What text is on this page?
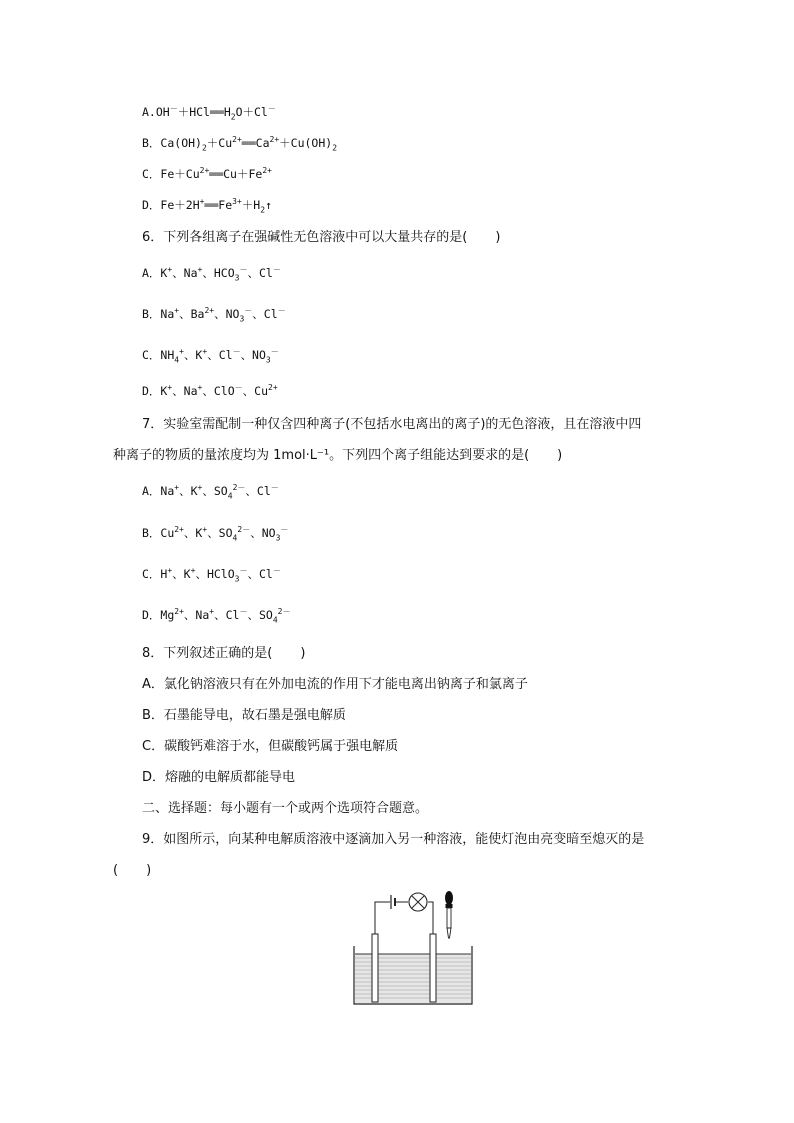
$A.OH^-+HCl══H_2O+Cl^-$
B．$Ca(OH)_2+Cu^{2+}══Ca^{2+}+Cu(OH)_2$
C．$Fe+Cu^{2+}══Cu+Fe^{2+}$
D．$Fe+2H^+══Fe^{3+}+H_2↑$
6．下列各组离子在强碱性无色溶液中可以大量共存的是( )
A．K+、Na+、$HCO_3^-$、Cl－
B．Na+、$Ba^{2+}$、$NO_3^-$、Cl－
C．$NH_4^+$、K+、Cl－、$NO_3^-$
D．K+、Na+、ClO－、$Cu^{2+}$
7．实验室需配制一种仅含四种离子(不包括水电离出的离子)的无色溶液，且在溶液中四
种离子的物质的量浓度均为 1mol·L⁻¹。下列四个离子组能达到要求的是( )
A．Na+、K+、$SO_4^{2-}$、Cl－
B．$Cu^{2+}$、K+、$SO_4^{2-}$、$NO_3^-$
C．H+、K+、HClO$_3$－、Cl－
D．$Mg^{2+}$、Na+、Cl－、$SO_4^{2-}$
8．下列叙述正确的是( )
A．氯化钠溶液只有在外加电流的作用下才能电离出钠离子和氯离子
B．石墨能导电，故石墨是强电解质
C．碳酸钙难溶于水，但碳酸钙属于强电解质
D．熔融的电解质都能导电
二、选择题：每小题有一个或两个选项符合题意。
9．如图所示，向某种电解质溶液中逐滴加入另一种溶液，能使灯泡由亮变暗至熄灭的是
( )
